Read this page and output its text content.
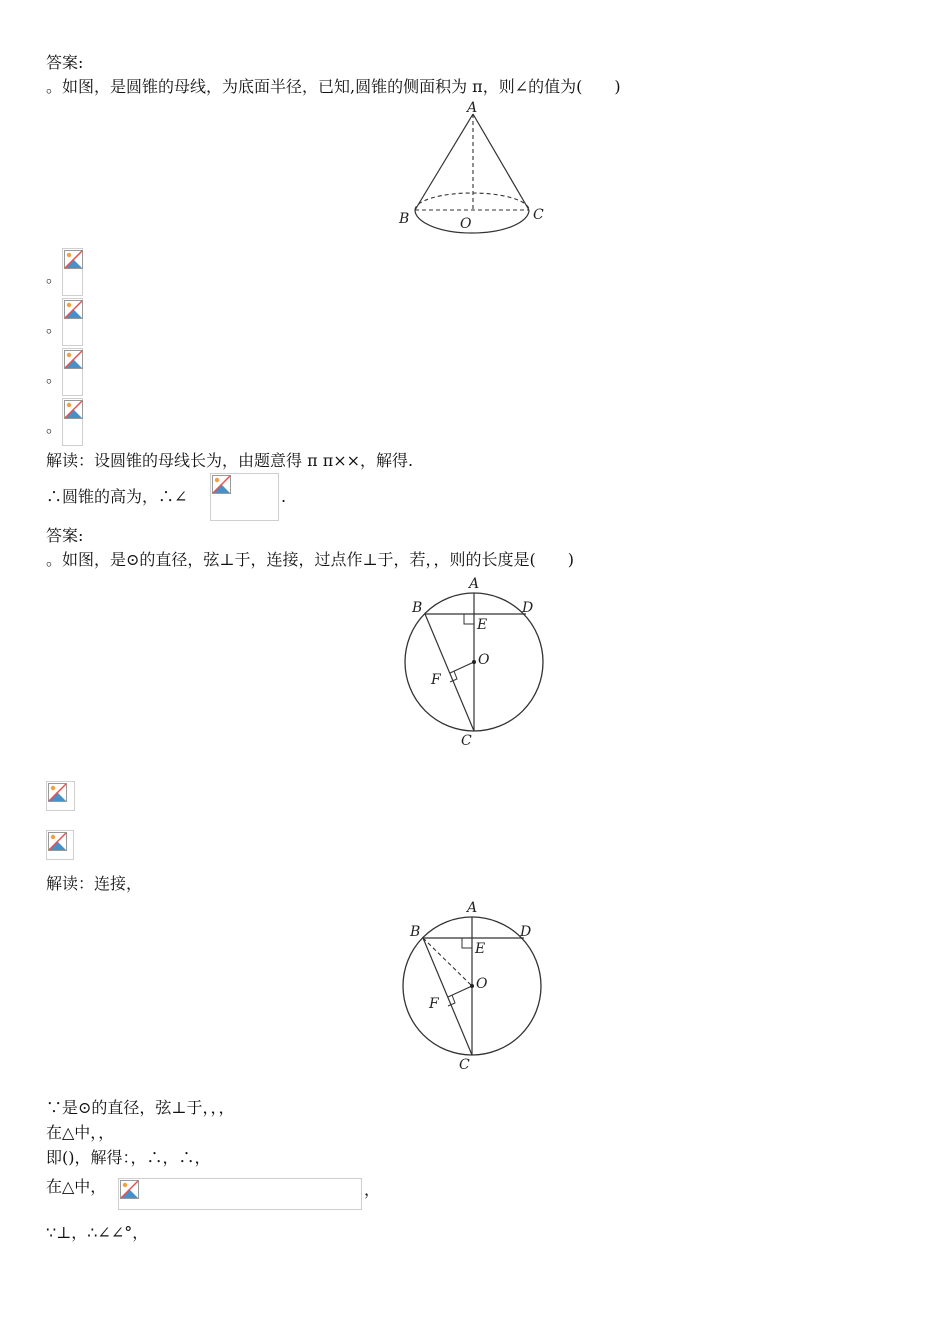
答案:
。如图，是圆锥的母线，为底面半径，已知,圆锥的侧面积为 π，则∠的值为(　　)
A
B	C
O
。
。
。
。
解读：设圆锥的母线长为，由题意得 π π××，解得.
∴圆锥的高为，∴∠	.
答案:
。如图，是⊙的直径，弦⊥于，连接，过点作⊥于，若，，则的长度是(　　)
A
B	D
E
O
F
C
解读：连接，
A
B	D
E
O
F
C
∵是⊙的直径，弦⊥于，，，
在△中，，
即()，解得：，∴，∴，
在△中，	，
∵⊥，∴∠∠°，
